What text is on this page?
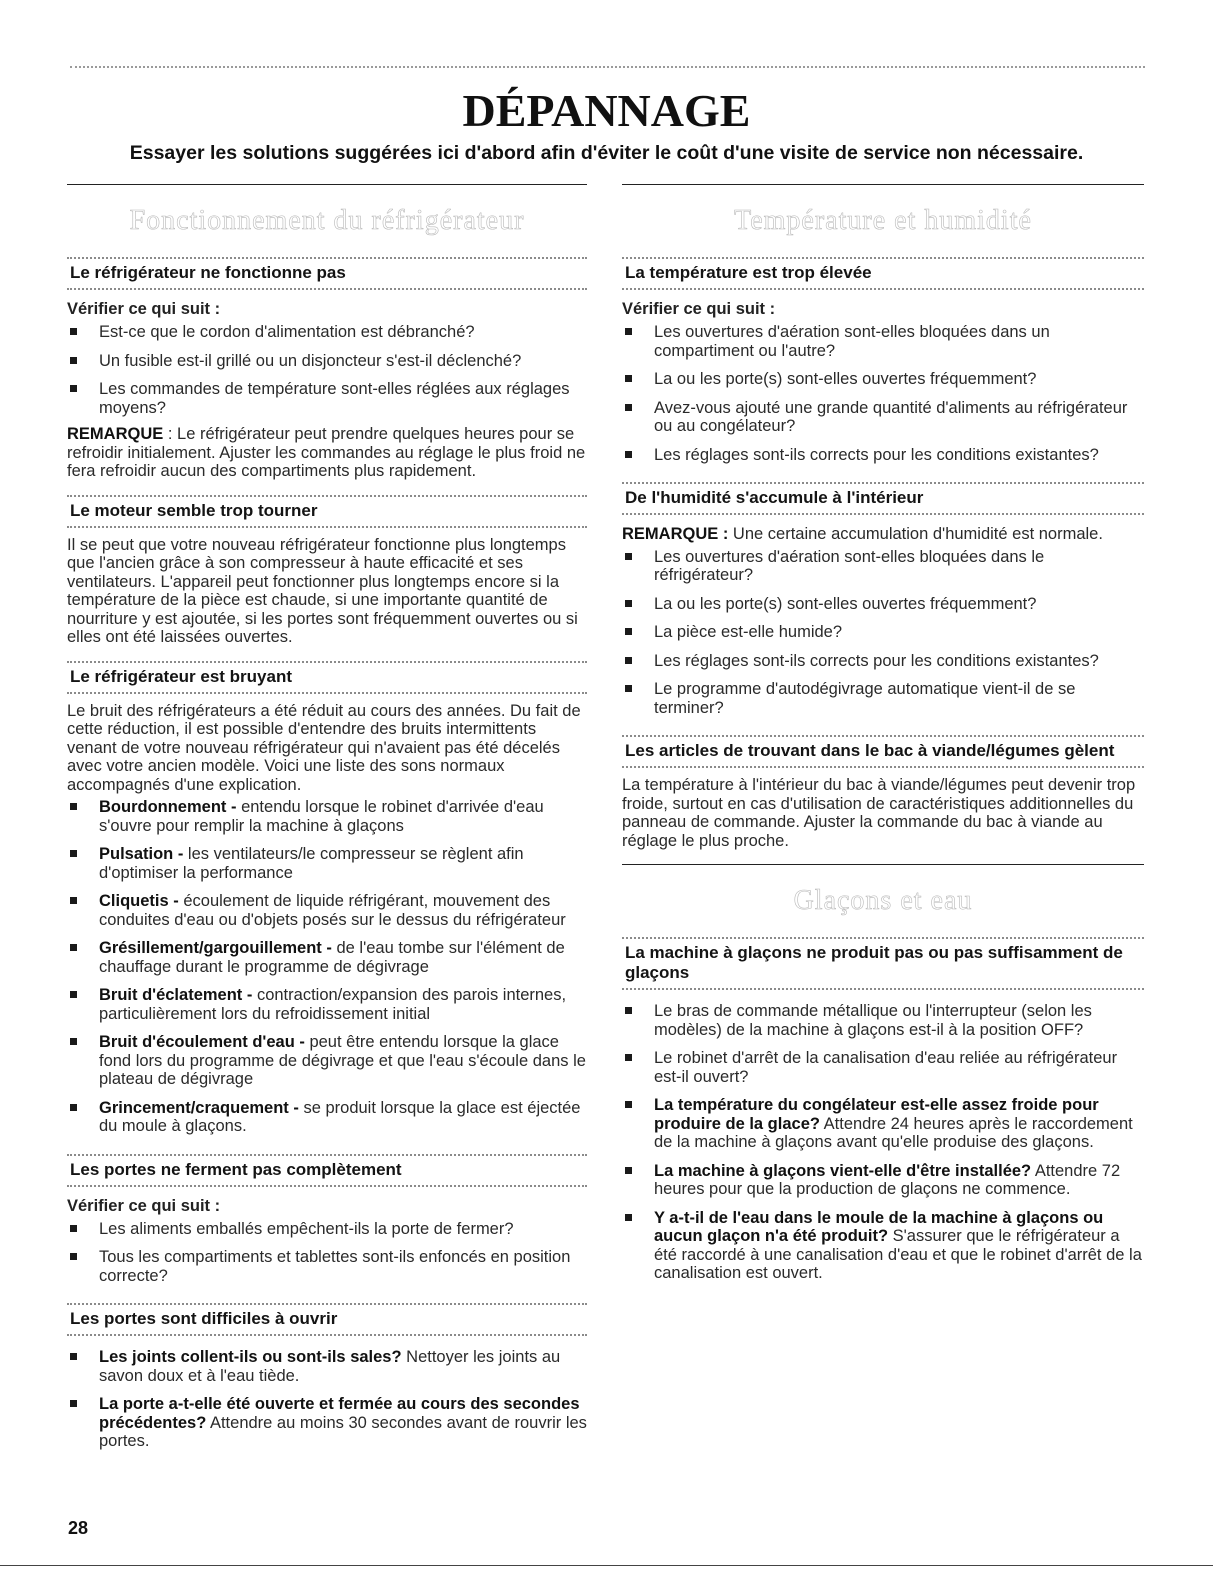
DÉPANNAGE

Essayer les solutions suggérées ici d'abord afin d'éviter le coût d'une visite de service non nécessaire.

Fonctionnement du réfrigérateur
Le réfrigérateur ne fonctionne pas
Vérifier ce qui suit :
Est-ce que le cordon d'alimentation est débranché?
Un fusible est-il grillé ou un disjoncteur s'est-il déclenché?
Les commandes de température sont-elles réglées aux réglages moyens?

REMARQUE : Le réfrigérateur peut prendre quelques heures pour se refroidir initialement. Ajuster les commandes au réglage le plus froid ne fera refroidir aucun des compartiments plus rapidement.

Le moteur semble trop tourner

Il se peut que votre nouveau réfrigérateur fonctionne plus longtemps que l'ancien grâce à son compresseur à haute efficacité et ses ventilateurs. L'appareil peut fonctionner plus longtemps encore si la température de la pièce est chaude, si une importante quantité de nourriture y est ajoutée, si les portes sont fréquemment ouvertes ou si elles ont été laissées ouvertes.

Le réfrigérateur est bruyant

Le bruit des réfrigérateurs a été réduit au cours des années. Du fait de cette réduction, il est possible d'entendre des bruits intermittents venant de votre nouveau réfrigérateur qui n'avaient pas été décelés avec votre ancien modèle. Voici une liste des sons normaux accompagnés d'une explication.

Bourdonnement - entendu lorsque le robinet d'arrivée d'eau s'ouvre pour remplir la machine à glaçons
Pulsation - les ventilateurs/le compresseur se règlent afin d'optimiser la performance
Cliquetis - écoulement de liquide réfrigérant, mouvement des conduites d'eau ou d'objets posés sur le dessus du réfrigérateur
Grésillement/gargouillement - de l'eau tombe sur l'élément de chauffage durant le programme de dégivrage
Bruit d'éclatement - contraction/expansion des parois internes, particulièrement lors du refroidissement initial
Bruit d'écoulement d'eau - peut être entendu lorsque la glace fond lors du programme de dégivrage et que l'eau s'écoule dans le plateau de dégivrage
Grincement/craquement - se produit lorsque la glace est éjectée du moule à glaçons.
Les portes ne ferment pas complètement
Vérifier ce qui suit :
Les aliments emballés empêchent-ils la porte de fermer?
Tous les compartiments et tablettes sont-ils enfoncés en position correcte?
Les portes sont difficiles à ouvrir
Les joints collent-ils ou sont-ils sales? Nettoyer les joints au savon doux et à l'eau tiède.
La porte a-t-elle été ouverte et fermée au cours des secondes précédentes? Attendre au moins 30 secondes avant de rouvrir les portes.
Température et humidité
La température est trop élevée
Vérifier ce qui suit :
Les ouvertures d'aération sont-elles bloquées dans un compartiment ou l'autre?
La ou les porte(s) sont-elles ouvertes fréquemment?
Avez-vous ajouté une grande quantité d'aliments au réfrigérateur ou au congélateur?
Les réglages sont-ils corrects pour les conditions existantes?
De l'humidité s'accumule à l'intérieur

REMARQUE : Une certaine accumulation d'humidité est normale.

Les ouvertures d'aération sont-elles bloquées dans le réfrigérateur?
La ou les porte(s) sont-elles ouvertes fréquemment?
La pièce est-elle humide?
Les réglages sont-ils corrects pour les conditions existantes?
Le programme d'autodégivrage automatique vient-il de se terminer?
Les articles de trouvant dans le bac à viande/légumes gèlent

La température à l'intérieur du bac à viande/légumes peut devenir trop froide, surtout en cas d'utilisation de caractéristiques additionnelles du panneau de commande. Ajuster la commande du bac à viande au réglage le plus proche.

Glaçons et eau
La machine à glaçons ne produit pas ou pas suffisamment de glaçons
Le bras de commande métallique ou l'interrupteur (selon les modèles) de la machine à glaçons est-il à la position OFF?
Le robinet d'arrêt de la canalisation d'eau reliée au réfrigérateur est-il ouvert?
La température du congélateur est-elle assez froide pour produire de la glace? Attendre 24 heures après le raccordement de la machine à glaçons avant qu'elle produise des glaçons.
La machine à glaçons vient-elle d'être installée? Attendre 72 heures pour que la production de glaçons ne commence.
Y a-t-il de l'eau dans le moule de la machine à glaçons ou aucun glaçon n'a été produit? S'assurer que le réfrigérateur a été raccordé à une canalisation d'eau et que le robinet d'arrêt de la canalisation est ouvert.

28
